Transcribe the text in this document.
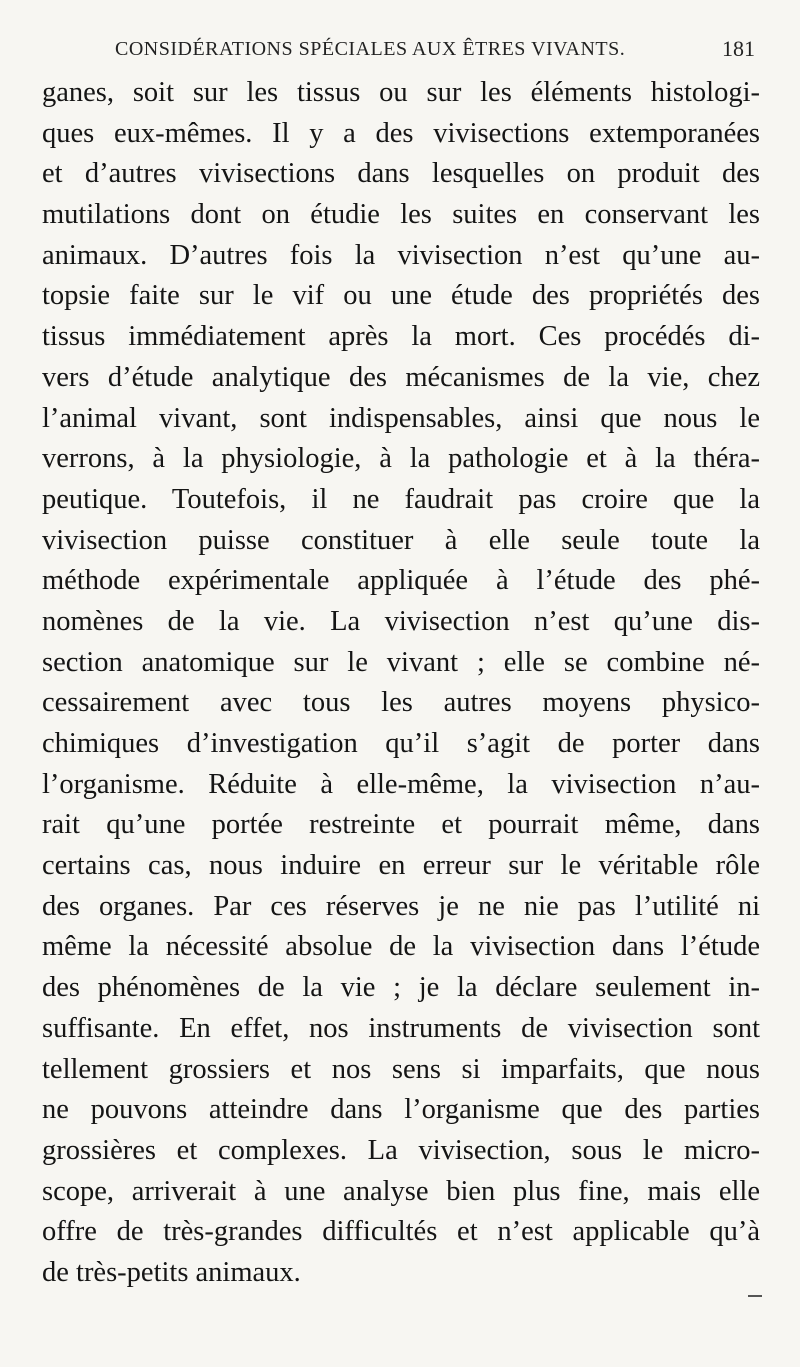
CONSIDÉRATIONS SPÉCIALES AUX ÊTRES VIVANTS.	181
ganes, soit sur les tissus ou sur les éléments histologi-
ques eux-mêmes. Il y a des vivisections extemporanées
et d’autres vivisections dans lesquelles on produit des
mutilations dont on étudie les suites en conservant les
animaux. D’autres fois la vivisection n’est qu’une au-
topsie faite sur le vif ou une étude des propriétés des
tissus immédiatement après la mort. Ces procédés di-
vers d’étude analytique des mécanismes de la vie, chez
l’animal vivant, sont indispensables, ainsi que nous le
verrons, à la physiologie, à la pathologie et à la théra-
peutique. Toutefois, il ne faudrait pas croire que la
vivisection puisse constituer à elle seule toute la
méthode expérimentale appliquée à l’étude des phé-
nomènes de la vie. La vivisection n’est qu’une dis-
section anatomique sur le vivant ; elle se combine né-
cessairement avec tous les autres moyens physico-
chimiques d’investigation qu’il s’agit de porter dans
l’organisme. Réduite à elle-même, la vivisection n’au-
rait qu’une portée restreinte et pourrait même, dans
certains cas, nous induire en erreur sur le véritable rôle
des organes. Par ces réserves je ne nie pas l’utilité ni
même la nécessité absolue de la vivisection dans l’étude
des phénomènes de la vie ; je la déclare seulement in-
suffisante. En effet, nos instruments de vivisection sont
tellement grossiers et nos sens si imparfaits, que nous
ne pouvons atteindre dans l’organisme que des parties
grossières et complexes. La vivisection, sous le micro-
scope, arriverait à une analyse bien plus fine, mais elle
offre de très-grandes difficultés et n’est applicable qu’à
de très-petits animaux.
